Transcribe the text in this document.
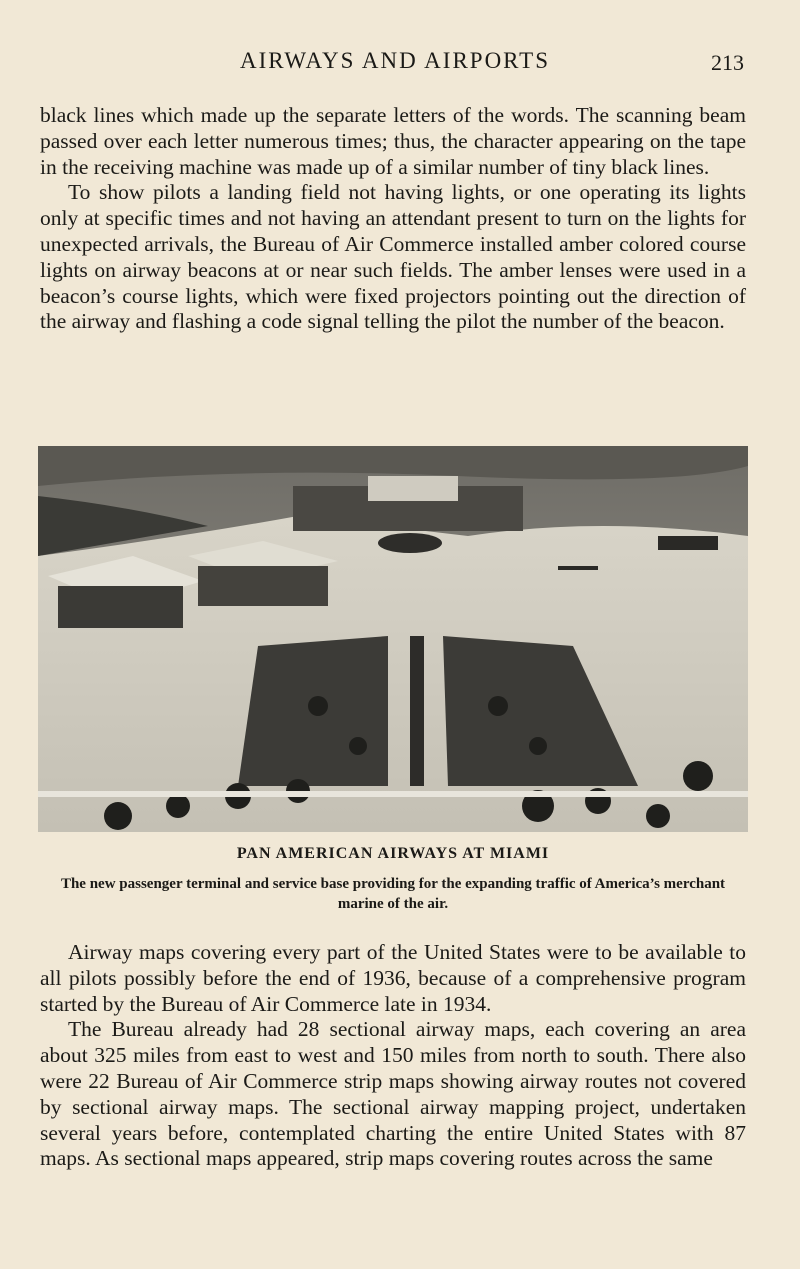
AIRWAYS AND AIRPORTS	213

black lines which made up the separate letters of the words. The scanning beam passed over each letter numerous times; thus, the character appearing on the tape in the receiving machine was made up of a similar number of tiny black lines.

To show pilots a landing field not having lights, or one operating its lights only at specific times and not having an attendant present to turn on the lights for unexpected arrivals, the Bureau of Air Commerce installed amber colored course lights on airway beacons at or near such fields. The amber lenses were used in a beacon’s course lights, which were fixed projectors pointing out the direction of the airway and flashing a code signal telling the pilot the number of the beacon.

PAN AMERICAN AIRWAYS AT MIAMI
The new passenger terminal and service base providing for the expanding traffic of America’s merchant marine of the air.

Airway maps covering every part of the United States were to be available to all pilots possibly before the end of 1936, because of a comprehensive program started by the Bureau of Air Commerce late in 1934.

The Bureau already had 28 sectional airway maps, each covering an area about 325 miles from east to west and 150 miles from north to south. There also were 22 Bureau of Air Commerce strip maps showing airway routes not covered by sectional airway maps. The sectional airway mapping project, undertaken several years before, contemplated charting the entire United States with 87 maps. As sectional maps appeared, strip maps covering routes across the same
